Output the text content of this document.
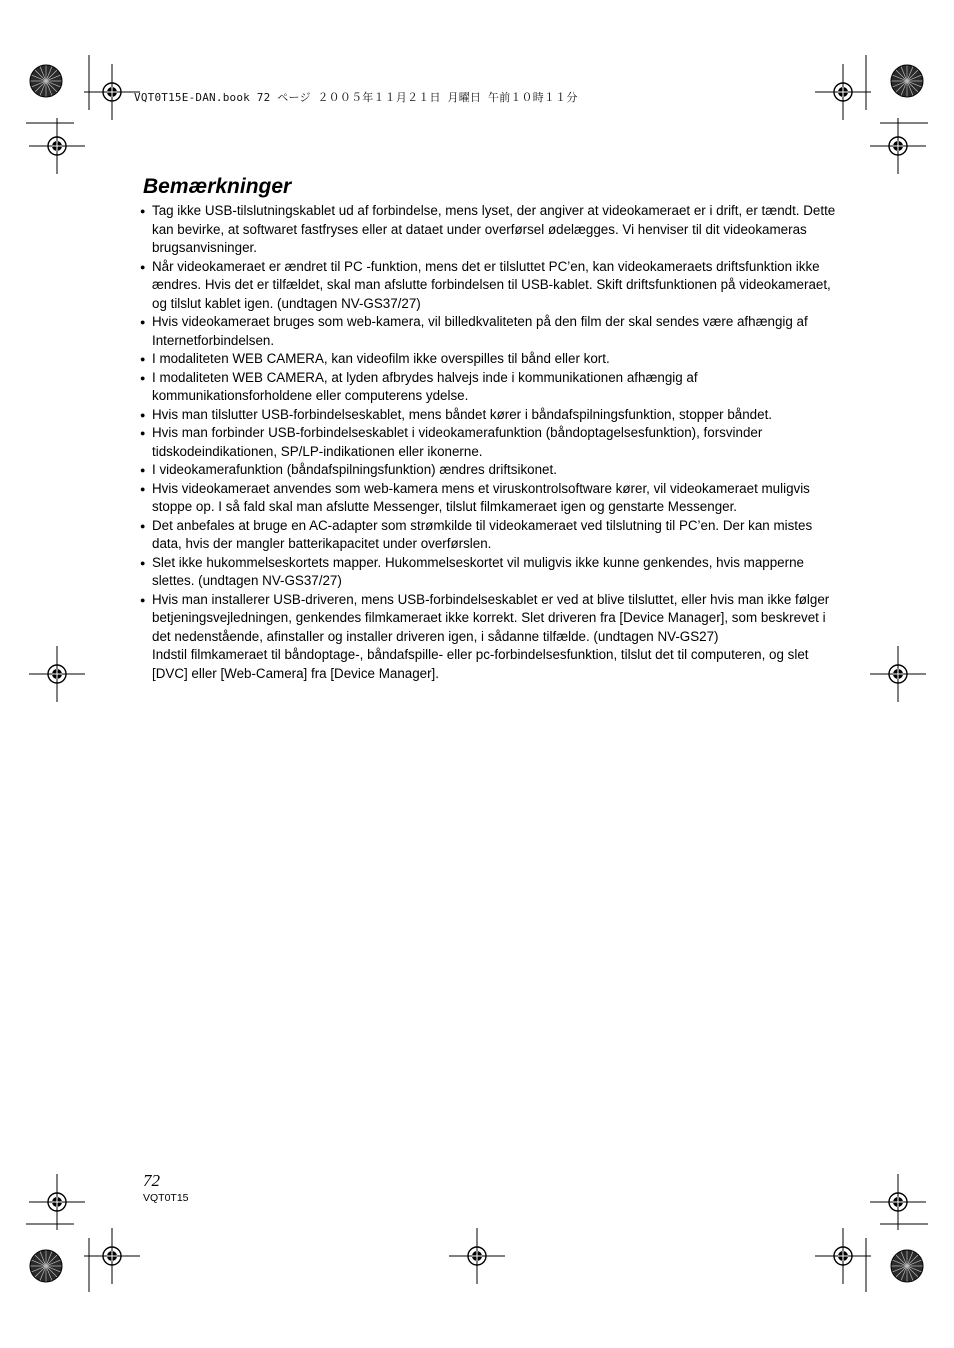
VQT0T15E-DAN.book 72 ページ ２００５年１１月２１日 月曜日 午前１０時１１分
Bemærkninger
● Tag ikke USB-tilslutningskablet ud af forbindelse, mens lyset, der angiver at videokameraet er i drift, er tændt. Dette kan bevirke, at softwaret fastfryses eller at dataet under overførsel ødelægges. Vi henviser til dit videokameras brugsanvisninger.
● Når videokameraet er ændret til PC -funktion, mens det er tilsluttet PC’en, kan videokameraets driftsfunktion ikke ændres. Hvis det er tilfældet, skal man afslutte forbindelsen til USB-kablet. Skift driftsfunktionen på videokameraet, og tilslut kablet igen. (undtagen NV-GS37/27)
● Hvis videokameraet bruges som web-kamera, vil billedkvaliteten på den film der skal sendes være afhængig af Internetforbindelsen.
● I modaliteten WEB CAMERA, kan videofilm ikke overspilles til bånd eller kort.
● I modaliteten WEB CAMERA, at lyden afbrydes halvejs inde i kommunikationen afhængig af kommunikationsforholdene eller computerens ydelse.
● Hvis man tilslutter USB-forbindelseskablet, mens båndet kører i båndafspilningsfunktion, stopper båndet.
● Hvis man forbinder USB-forbindelseskablet i videokamerafunktion (båndoptagelsesfunktion), forsvinder tidskodeindikationen, SP/LP-indikationen eller ikonerne.
● I videokamerafunktion (båndafspilningsfunktion) ændres driftsikonet.
● Hvis videokameraet anvendes som web-kamera mens et viruskontrolsoftware kører, vil videokameraet muligvis stoppe op. I så fald skal man afslutte Messenger, tilslut filmkameraet igen og genstarte Messenger.
● Det anbefales at bruge en AC-adapter som strømkilde til videokameraet ved tilslutning til PC’en. Der kan mistes data, hvis der mangler batterikapacitet under overførslen.
● Slet ikke hukommelseskortets mapper. Hukommelseskortet vil muligvis ikke kunne genkendes, hvis mapperne slettes. (undtagen NV-GS37/27)
● Hvis man installerer USB-driveren, mens USB-forbindelseskablet er ved at blive tilsluttet, eller hvis man ikke følger betjeningsvejledningen, genkendes filmkameraet ikke korrekt. Slet driveren fra [Device Manager], som beskrevet i det nedenstående, afinstaller og installer driveren igen, i sådanne tilfælde. (undtagen NV-GS27)
Indstil filmkameraet til båndoptage-, båndafspille- eller pc-forbindelsesfunktion, tilslut det til computeren, og slet [DVC] eller [Web-Camera] fra [Device Manager].
72
VQT0T15
